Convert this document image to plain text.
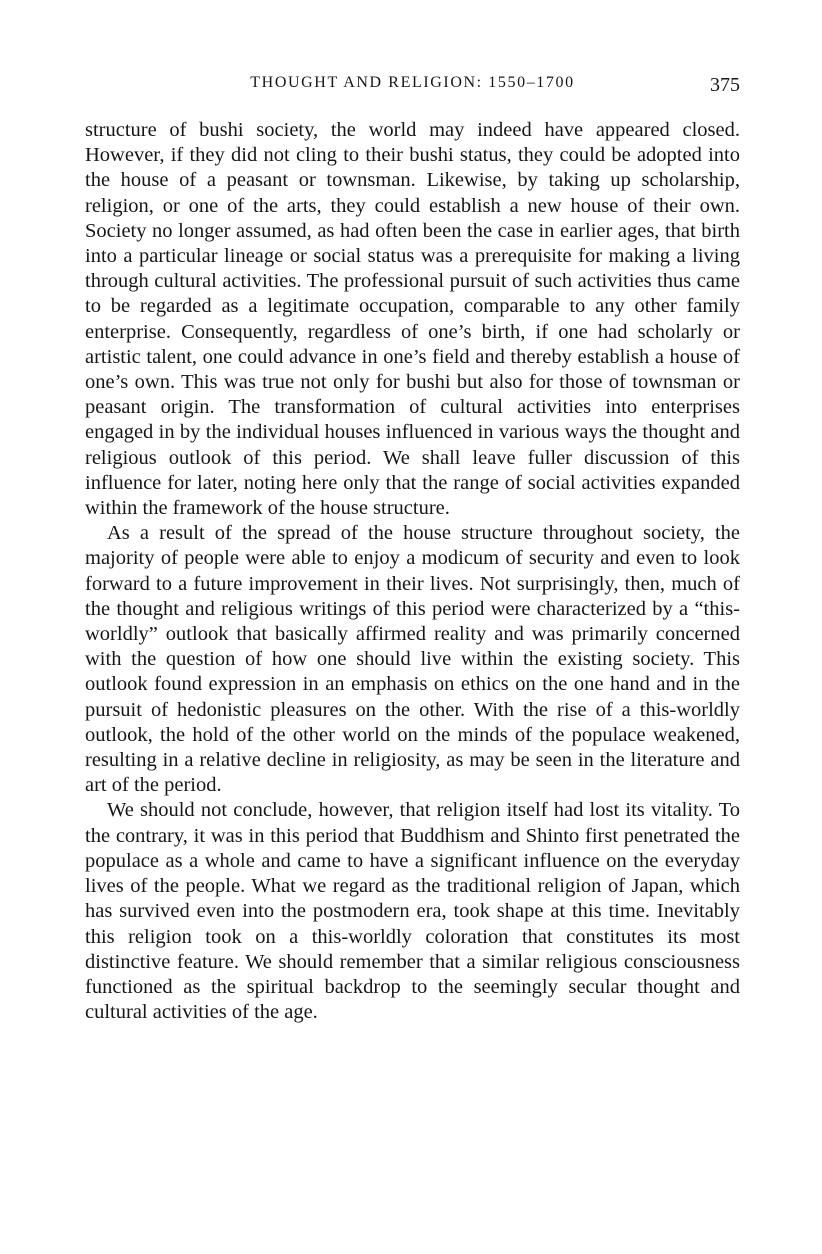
THOUGHT AND RELIGION: 1550–1700	375

structure of bushi society, the world may indeed have appeared closed. However, if they did not cling to their bushi status, they could be adopted into the house of a peasant or townsman. Likewise, by taking up scholarship, religion, or one of the arts, they could establish a new house of their own. Society no longer assumed, as had often been the case in earlier ages, that birth into a particular lineage or social status was a prerequisite for making a living through cultural activities. The professional pursuit of such activities thus came to be regarded as a legitimate occupation, comparable to any other family enterprise. Consequently, regardless of one’s birth, if one had scholarly or artistic talent, one could advance in one’s field and thereby establish a house of one’s own. This was true not only for bushi but also for those of townsman or peasant origin. The transformation of cultural activities into enterprises engaged in by the individual houses influenced in various ways the thought and religious outlook of this period. We shall leave fuller discussion of this influence for later, noting here only that the range of social activities expanded within the framework of the house structure.

As a result of the spread of the house structure throughout society, the majority of people were able to enjoy a modicum of security and even to look forward to a future improvement in their lives. Not surprisingly, then, much of the thought and religious writings of this period were characterized by a “this-worldly” outlook that basically affirmed reality and was primarily concerned with the question of how one should live within the existing society. This outlook found expression in an emphasis on ethics on the one hand and in the pursuit of hedonistic pleasures on the other. With the rise of a this-worldly outlook, the hold of the other world on the minds of the populace weakened, resulting in a relative decline in religiosity, as may be seen in the literature and art of the period.

We should not conclude, however, that religion itself had lost its vitality. To the contrary, it was in this period that Buddhism and Shinto first penetrated the populace as a whole and came to have a significant influence on the everyday lives of the people. What we regard as the traditional religion of Japan, which has survived even into the postmodern era, took shape at this time. Inevitably this religion took on a this-worldly coloration that constitutes its most distinctive feature. We should remember that a similar religious consciousness functioned as the spiritual backdrop to the seemingly secular thought and cultural activities of the age.
